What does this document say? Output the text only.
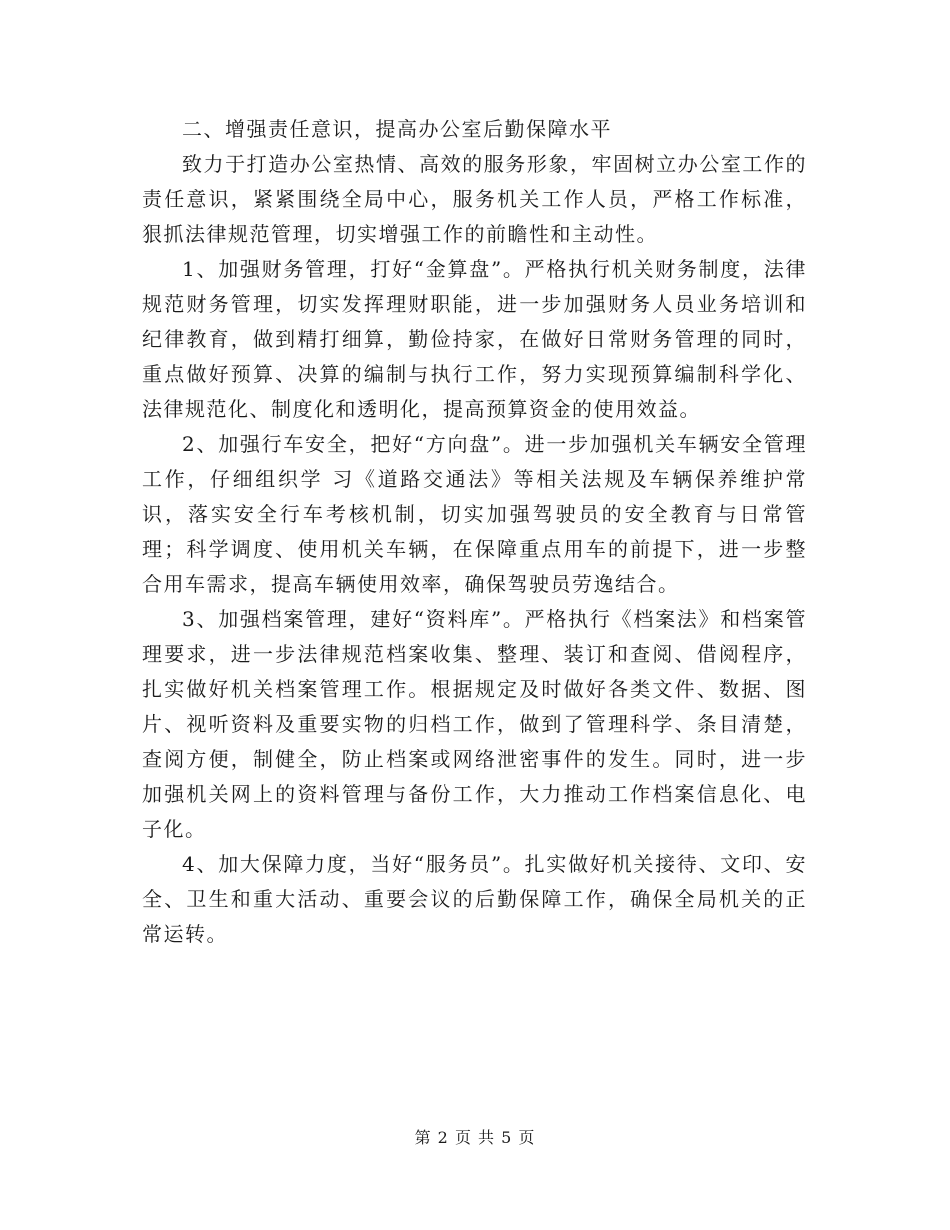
二、增强责任意识，提高办公室后勤保障水平

致力于打造办公室热情、高效的服务形象，牢固树立办公室工作的责任意识，紧紧围绕全局中心，服务机关工作人员，严格工作标准，狠抓法律规范管理，切实增强工作的前瞻性和主动性。

1、加强财务管理，打好“金算盘”。严格执行机关财务制度，法律规范财务管理，切实发挥理财职能，进一步加强财务人员业务培训和纪律教育，做到精打细算，勤俭持家，在做好日常财务管理的同时，重点做好预算、决算的编制与执行工作，努力实现预算编制科学化、法律规范化、制度化和透明化，提高预算资金的使用效益。

2、加强行车安全，把好“方向盘”。进一步加强机关车辆安全管理工作，仔细组织学 习《道路交通法》等相关法规及车辆保养维护常识，落实安全行车考核机制，切实加强驾驶员的安全教育与日常管理；科学调度、使用机关车辆，在保障重点用车的前提下，进一步整合用车需求，提高车辆使用效率，确保驾驶员劳逸结合。

3、加强档案管理，建好“资料库”。严格执行《档案法》和档案管理要求，进一步法律规范档案收集、整理、装订和查阅、借阅程序，扎实做好机关档案管理工作。根据规定及时做好各类文件、数据、图片、视听资料及重要实物的归档工作，做到了管理科学、条目清楚，查阅方便，制健全，防止档案或网络泄密事件的发生。同时，进一步加强机关网上的资料管理与备份工作，大力推动工作档案信息化、电子化。

4、加大保障力度，当好“服务员”。扎实做好机关接待、文印、安全、卫生和重大活动、重要会议的后勤保障工作，确保全局机关的正常运转。

第 2 页 共 5 页
